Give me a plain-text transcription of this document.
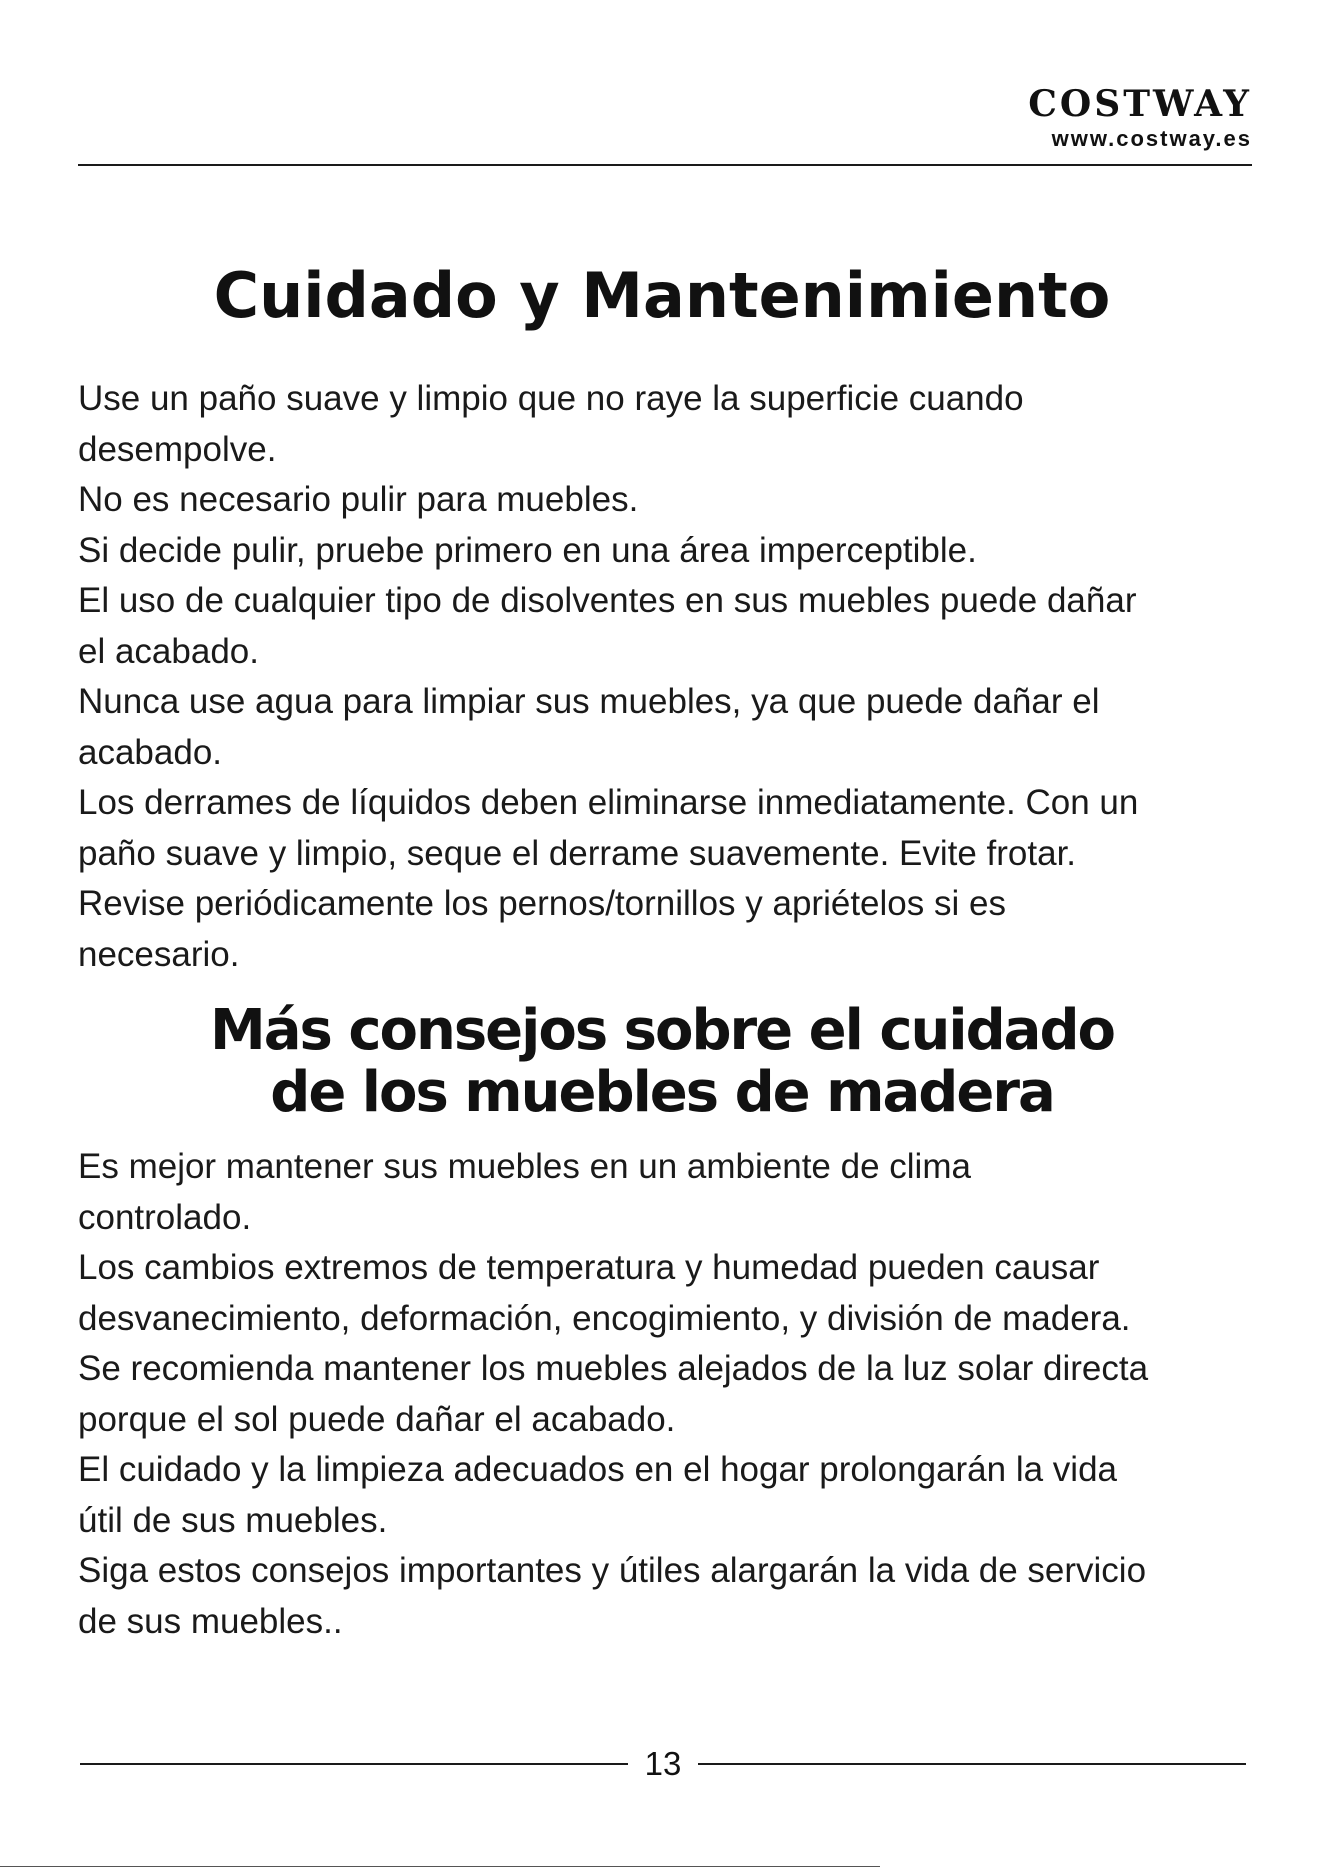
COSTWAY
www.costway.es
Cuidado y Mantenimiento

Use un paño suave y limpio que no raye la superficie cuando
desempolve.
No es necesario pulir para muebles.
Si decide pulir, pruebe primero en una área imperceptible.
El uso de cualquier tipo de disolventes en sus muebles puede dañar
el acabado.
Nunca use agua para limpiar sus muebles, ya que puede dañar el
acabado.
Los derrames de líquidos deben eliminarse inmediatamente. Con un
paño suave y limpio, seque el derrame suavemente. Evite frotar.
Revise periódicamente los pernos/tornillos y apriételos si es
necesario.

Más consejos sobre el cuidado
de los muebles de madera

Es mejor mantener sus muebles en un ambiente de clima
controlado.
Los cambios extremos de temperatura y humedad pueden causar
desvanecimiento, deformación, encogimiento, y división de madera.
Se recomienda mantener los muebles alejados de la luz solar directa
porque el sol puede dañar el acabado.
El cuidado y la limpieza adecuados en el hogar prolongarán la vida
útil de sus muebles.
Siga estos consejos importantes y útiles alargarán la vida de servicio
de sus muebles..

13
